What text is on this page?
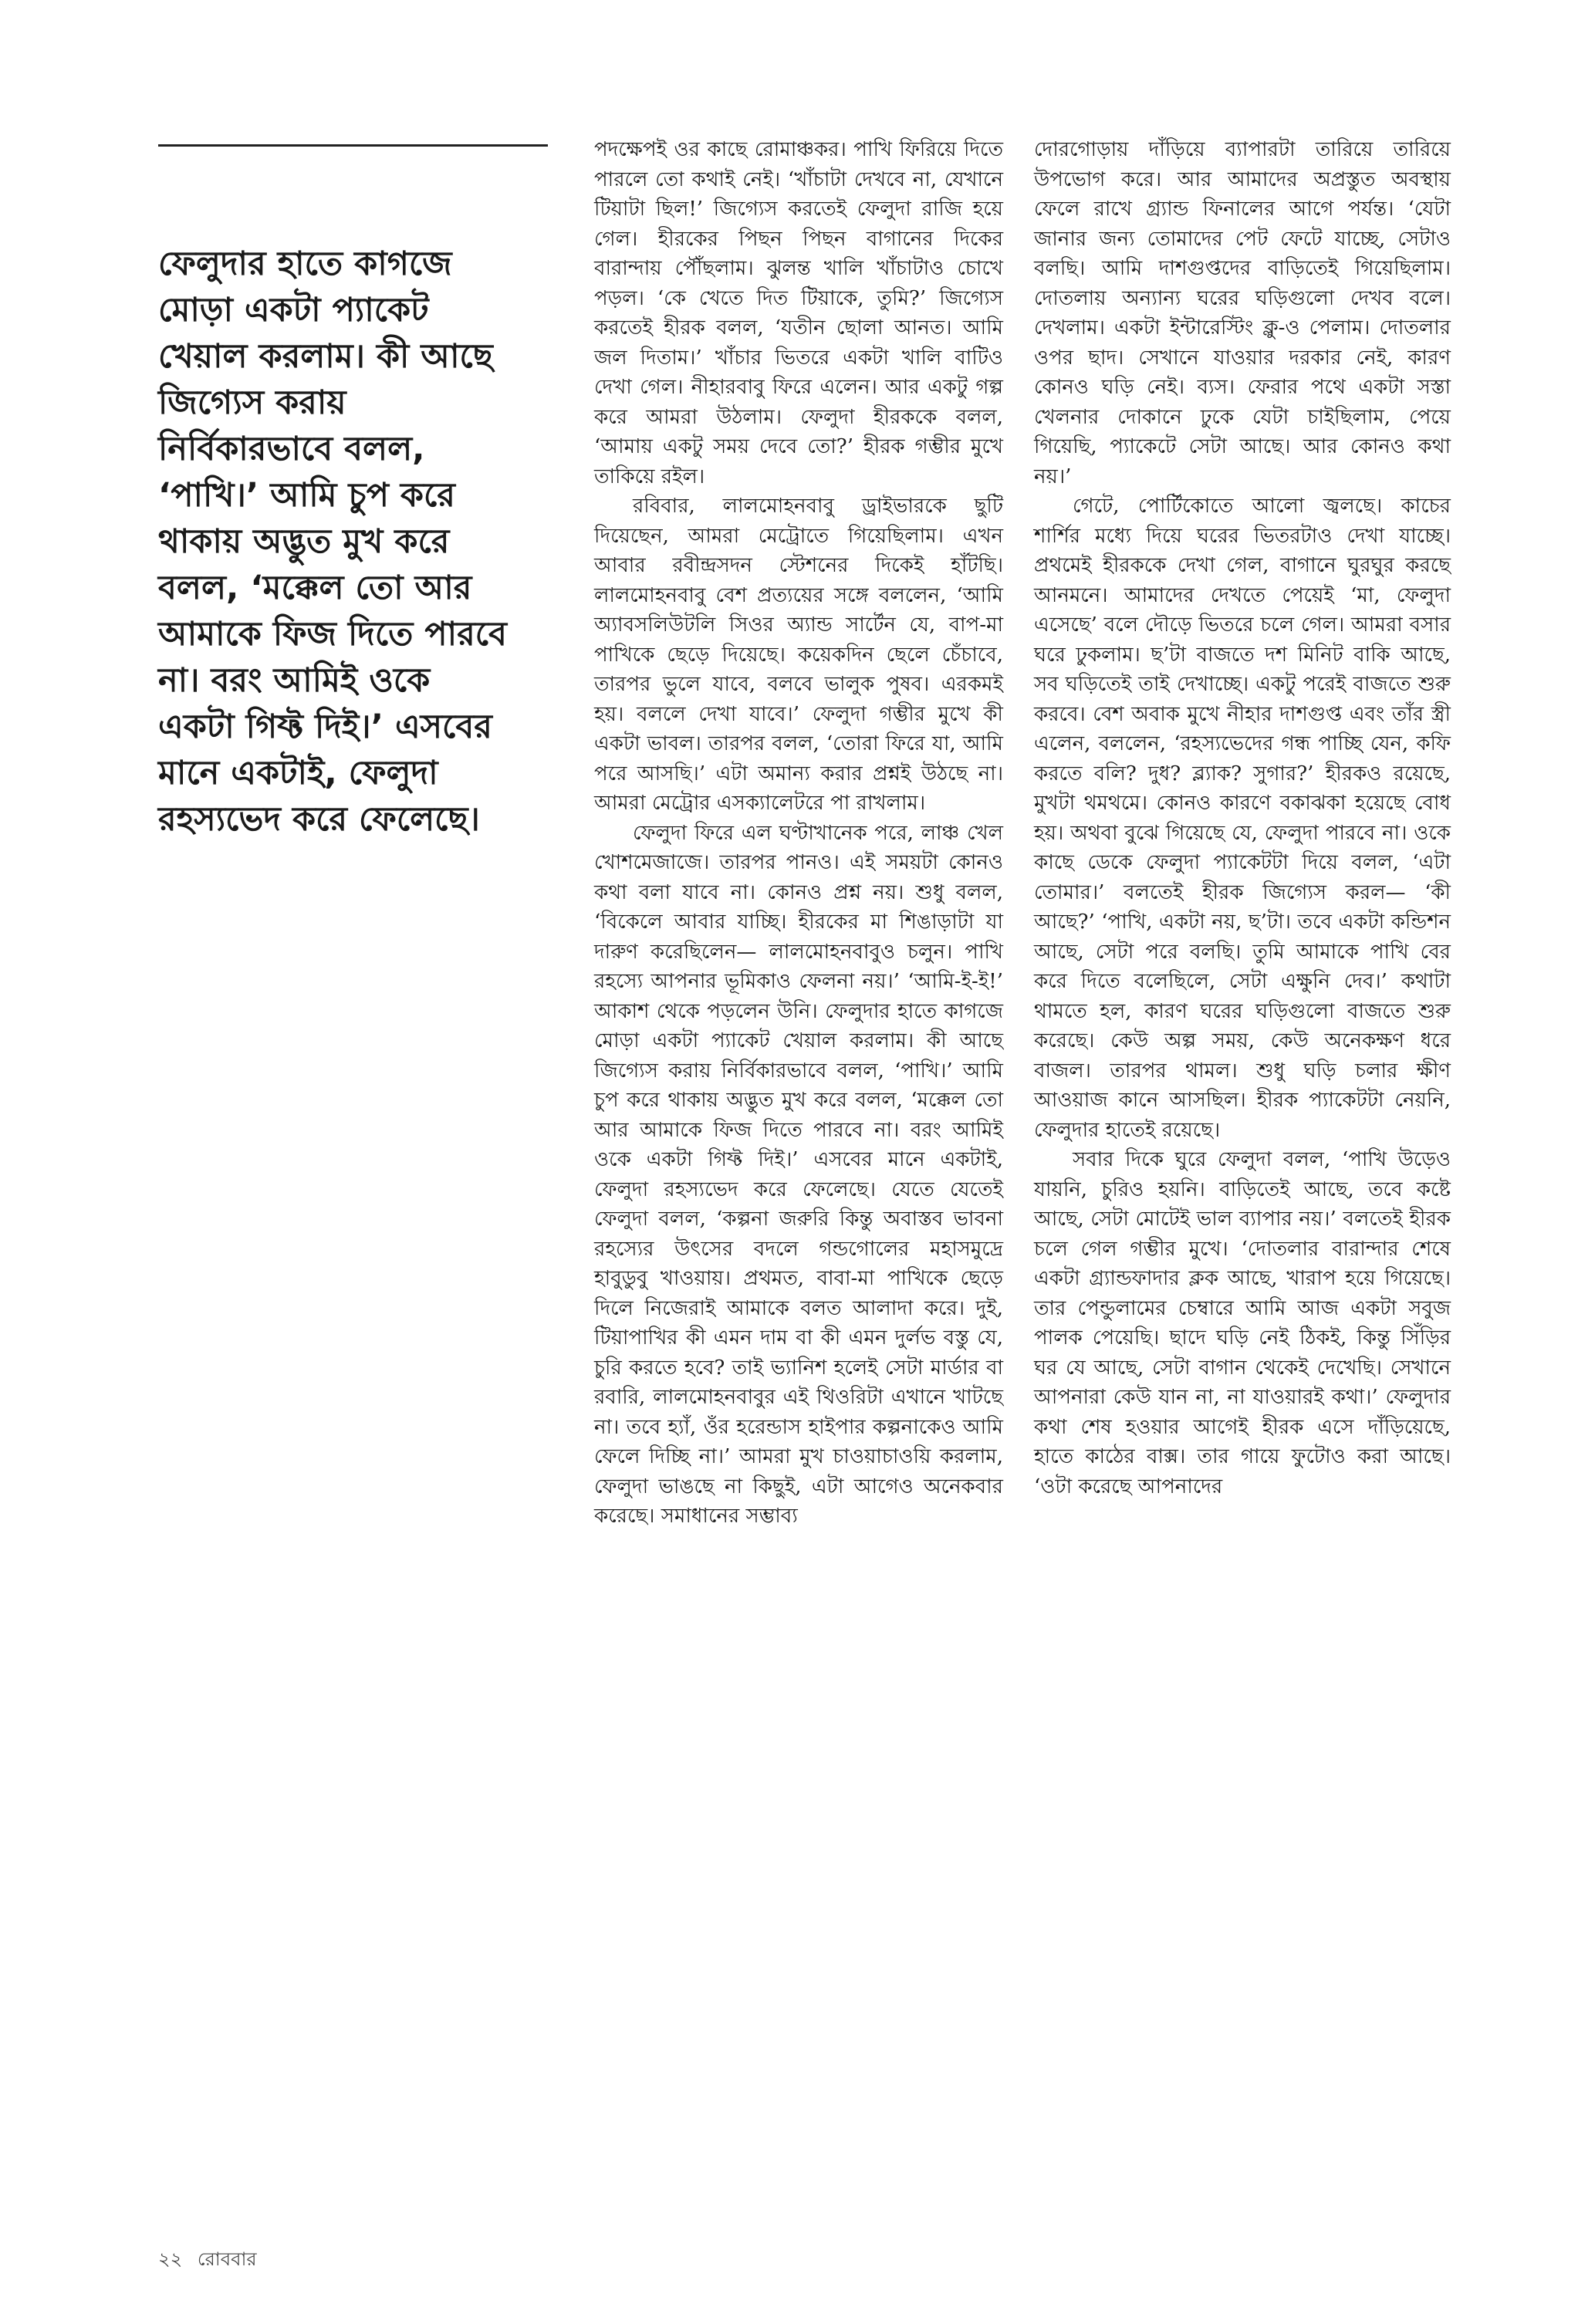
ফেলুদার হাতে কাগজে মোড়া একটা প্যাকেট খেয়াল করলাম। কী আছে জিগ্যেস করায় নির্বিকারভাবে বলল, ‘পাখি।’ আমি চুপ করে থাকায় অদ্ভুত মুখ করে বলল, ‘মক্কেল তো আর আমাকে ফিজ দিতে পারবে না। বরং আমিই ওকে একটা গিফ্ট দিই।’ এসবের মানে একটাই, ফেলুদা রহস্যভেদ করে ফেলেছে।

পদক্ষেপই ওর কাছে রোমাঞ্চকর। পাখি ফিরিয়ে দিতে পারলে তো কথাই নেই। ‘খাঁচাটা দেখবে না, যেখানে টিয়াটা ছিল!’ জিগ্যেস করতেই ফেলুদা রাজি হয়ে গেল। হীরকের পিছন পিছন বাগানের দিকের বারান্দায় পৌঁছলাম। ঝুলন্ত খালি খাঁচাটাও চোখে পড়ল। ‘কে খেতে দিত টিয়াকে, তুমি?’ জিগ্যেস করতেই হীরক বলল, ‘যতীন ছোলা আনত। আমি জল দিতাম।’ খাঁচার ভিতরে একটা খালি বাটিও দেখা গেল। নীহারবাবু ফিরে এলেন। আর একটু গল্প করে আমরা উঠলাম। ফেলুদা হীরককে বলল, ‘আমায় একটু সময় দেবে তো?’ হীরক গম্ভীর মুখে তাকিয়ে রইল।

রবিবার, লালমোহনবাবু ড্রাইভারকে ছুটি দিয়েছেন, আমরা মেট্রোতে গিয়েছিলাম। এখন আবার রবীন্দ্রসদন স্টেশনের দিকেই হাঁটছি। লালমোহনবাবু বেশ প্রত্যয়ের সঙ্গে বললেন, ‘আমি অ্যাবসলিউটলি সিওর অ্যান্ড সার্টেন যে, বাপ-মা পাখিকে ছেড়ে দিয়েছে। কয়েকদিন ছেলে চেঁচাবে, তারপর ভুলে যাবে, বলবে ভালুক পুষব। এরকমই হয়। বললে দেখা যাবে।’ ফেলুদা গম্ভীর মুখে কী একটা ভাবল। তারপর বলল, ‘তোরা ফিরে যা, আমি পরে আসছি।’ এটা অমান্য করার প্রশ্নই উঠছে না। আমরা মেট্রোর এসক্যালেটরে পা রাখলাম।

ফেলুদা ফিরে এল ঘণ্টাখানেক পরে, লাঞ্চ খেল খোশমেজাজে। তারপর পানও। এই সময়টা কোনও কথা বলা যাবে না। কোনও প্রশ্ন নয়। শুধু বলল, ‘বিকেলে আবার যাচ্ছি। হীরকের মা শিঙাড়াটা যা দারুণ করেছিলেন— লালমোহনবাবুও চলুন। পাখি রহস্যে আপনার ভূমিকাও ফেলনা নয়।’ ‘আমি-ই-ই!’ আকাশ থেকে পড়লেন উনি। ফেলুদার হাতে কাগজে মোড়া একটা প্যাকেট খেয়াল করলাম। কী আছে জিগ্যেস করায় নির্বিকারভাবে বলল, ‘পাখি।’ আমি চুপ করে থাকায় অদ্ভুত মুখ করে বলল, ‘মক্কেল তো আর আমাকে ফিজ দিতে পারবে না। বরং আমিই ওকে একটা গিফ্ট দিই।’ এসবের মানে একটাই, ফেলুদা রহস্যভেদ করে ফেলেছে। যেতে যেতেই ফেলুদা বলল, ‘কল্পনা জরুরি কিন্তু অবাস্তব ভাবনা রহস্যের উৎসের বদলে গন্ডগোলের মহাসমুদ্রে হাবুডুবু খাওয়ায়। প্রথমত, বাবা-মা পাখিকে ছেড়ে দিলে নিজেরাই আমাকে বলত আলাদা করে। দুই, টিয়াপাখির কী এমন দাম বা কী এমন দুর্লভ বস্তু যে, চুরি করতে হবে? তাই ভ্যানিশ হলেই সেটা মার্ডার বা রবারি, লালমোহনবাবুর এই থিওরিটা এখানে খাটছে না। তবে হ্যাঁ, ওঁর হরেন্ডাস হাইপার কল্পনাকেও আমি ফেলে দিচ্ছি না।’ আমরা মুখ চাওয়াচাওয়ি করলাম, ফেলুদা ভাঙছে না কিছুই, এটা আগেও অনেকবার করেছে। সমাধানের সম্ভাব্য

দোরগোড়ায় দাঁড়িয়ে ব্যাপারটা তারিয়ে তারিয়ে উপভোগ করে। আর আমাদের অপ্রস্তুত অবস্থায় ফেলে রাখে গ্র্যান্ড ফিনালের আগে পর্যন্ত। ‘যেটা জানার জন্য তোমাদের পেট ফেটে যাচ্ছে, সেটাও বলছি। আমি দাশগুপ্তদের বাড়িতেই গিয়েছিলাম। দোতলায় অন্যান্য ঘরের ঘড়িগুলো দেখব বলে। দেখলাম। একটা ইন্টারেস্টিং ক্লু-ও পেলাম। দোতলার ওপর ছাদ। সেখানে যাওয়ার দরকার নেই, কারণ কোনও ঘড়ি নেই। ব্যস। ফেরার পথে একটা সস্তা খেলনার দোকানে ঢুকে যেটা চাইছিলাম, পেয়ে গিয়েছি, প্যাকেটে সেটা আছে। আর কোনও কথা নয়।’

গেটে, পোর্টিকোতে আলো জ্বলছে। কাচের শার্শির মধ্যে দিয়ে ঘরের ভিতরটাও দেখা যাচ্ছে। প্রথমেই হীরককে দেখা গেল, বাগানে ঘুরঘুর করছে আনমনে। আমাদের দেখতে পেয়েই ‘মা, ফেলুদা এসেছে’ বলে দৌড়ে ভিতরে চলে গেল। আমরা বসার ঘরে ঢুকলাম। ছ’টা বাজতে দশ মিনিট বাকি আছে, সব ঘড়িতেই তাই দেখাচ্ছে। একটু পরেই বাজতে শুরু করবে। বেশ অবাক মুখে নীহার দাশগুপ্ত এবং তাঁর স্ত্রী এলেন, বললেন, ‘রহস্যভেদের গন্ধ পাচ্ছি যেন, কফি করতে বলি? দুধ? ব্ল্যাক? সুগার?’ হীরকও রয়েছে, মুখটা থমথমে। কোনও কারণে বকাঝকা হয়েছে বোধ হয়। অথবা বুঝে গিয়েছে যে, ফেলুদা পারবে না। ওকে কাছে ডেকে ফেলুদা প্যাকেটটা দিয়ে বলল, ‘এটা তোমার।’ বলতেই হীরক জিগ্যেস করল— ‘কী আছে?’ ‘পাখি, একটা নয়, ছ’টা। তবে একটা কন্ডিশন আছে, সেটা পরে বলছি। তুমি আমাকে পাখি বের করে দিতে বলেছিলে, সেটা এক্ষুনি দেব।’ কথাটা থামতে হল, কারণ ঘরের ঘড়িগুলো বাজতে শুরু করেছে। কেউ অল্প সময়, কেউ অনেকক্ষণ ধরে বাজল। তারপর থামল। শুধু ঘড়ি চলার ক্ষীণ আওয়াজ কানে আসছিল। হীরক প্যাকেটটা নেয়নি, ফেলুদার হাতেই রয়েছে।

সবার দিকে ঘুরে ফেলুদা বলল, ‘পাখি উড়েও যায়নি, চুরিও হয়নি। বাড়িতেই আছে, তবে কষ্টে আছে, সেটা মোটেই ভাল ব্যাপার নয়।’ বলতেই হীরক চলে গেল গম্ভীর মুখে। ‘দোতলার বারান্দার শেষে একটা গ্র্যান্ডফাদার ক্লক আছে, খারাপ হয়ে গিয়েছে। তার পেন্ডুলামের চেম্বারে আমি আজ একটা সবুজ পালক পেয়েছি। ছাদে ঘড়ি নেই ঠিকই, কিন্তু সিঁড়ির ঘর যে আছে, সেটা বাগান থেকেই দেখেছি। সেখানে আপনারা কেউ যান না, না যাওয়ারই কথা।’ ফেলুদার কথা শেষ হওয়ার আগেই হীরক এসে দাঁড়িয়েছে, হাতে কাঠের বাক্স। তার গায়ে ফুটোও করা আছে। ‘ওটা করেছে আপনাদের

২২ রোববার
